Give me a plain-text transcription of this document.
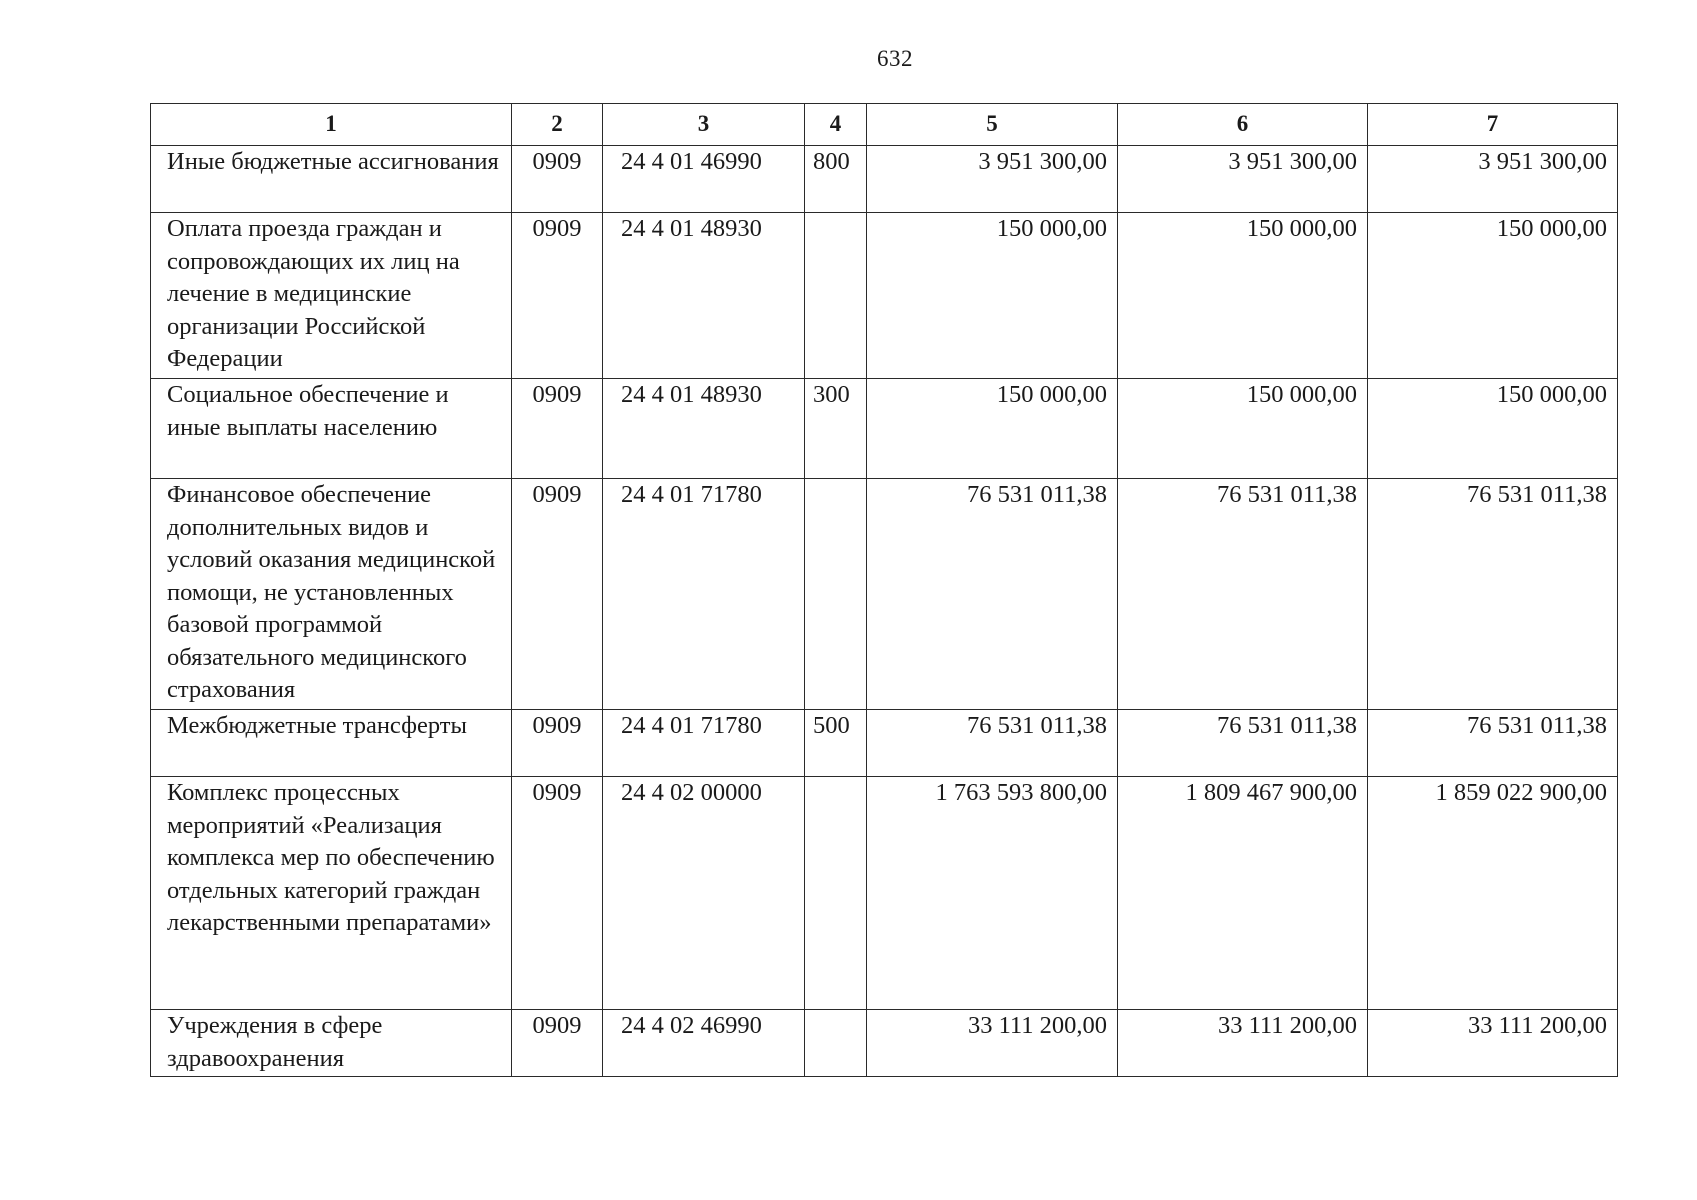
632
1	2	3	4	5	6	7
Иные бюджетные ассигнования	0909	24 4 01 46990	800	3 951 300,00	3 951 300,00	3 951 300,00
Оплата проезда граждан и сопровождающих их лиц на лечение в медицинские организации Российской Федерации	0909	24 4 01 48930		150 000,00	150 000,00	150 000,00
Социальное обеспечение и иные выплаты населению	0909	24 4 01 48930	300	150 000,00	150 000,00	150 000,00
Финансовое обеспечение дополнительных видов и условий оказания медицинской помощи, не установленных базовой программой обязательного медицинского страхования	0909	24 4 01 71780		76 531 011,38	76 531 011,38	76 531 011,38
Межбюджетные трансферты	0909	24 4 01 71780	500	76 531 011,38	76 531 011,38	76 531 011,38
Комплекс процессных мероприятий «Реализация комплекса мер по обеспечению отдельных категорий граждан лекарственными препаратами»	0909	24 4 02 00000		1 763 593 800,00	1 809 467 900,00	1 859 022 900,00
Учреждения в сфере здравоохранения	0909	24 4 02 46990		33 111 200,00	33 111 200,00	33 111 200,00
